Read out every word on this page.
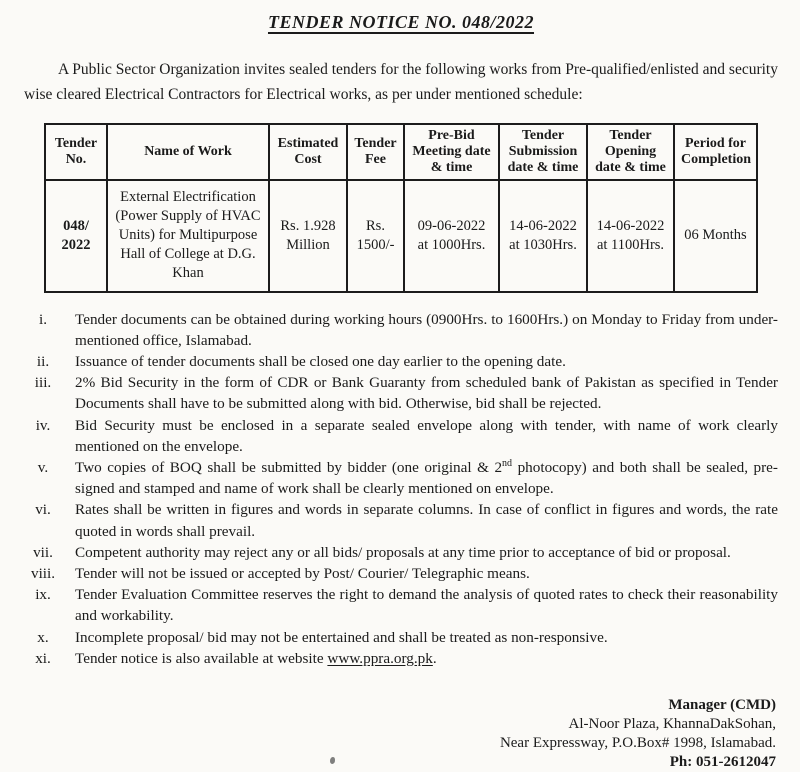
TENDER NOTICE NO. 048/2022

A Public Sector Organization invites sealed tenders for the following works from Pre-qualified/enlisted and security wise cleared Electrical Contractors for Electrical works, as per under mentioned schedule:

Tender No.	Name of Work	Estimated Cost	Tender Fee	Pre-Bid Meeting date & time	Tender Submission date & time	Tender Opening date & time	Period for Completion
048/ 2022	External Electrification (Power Supply of HVAC Units) for Multipurpose Hall of College at D.G. Khan	Rs. 1.928 Million	Rs. 1500/-	09-06-2022 at 1000Hrs.	14-06-2022 at 1030Hrs.	14-06-2022 at 1100Hrs.	06 Months
i.	Tender documents can be obtained during working hours (0900Hrs. to 1600Hrs.) on Monday to Friday from under- mentioned office, Islamabad.
ii.	Issuance of tender documents shall be closed one day earlier to the opening date.
iii.	2% Bid Security in the form of CDR or Bank Guaranty from scheduled bank of Pakistan as specified in Tender Documents shall have to be submitted along with bid. Otherwise, bid shall be rejected.
iv.	Bid Security must be enclosed in a separate sealed envelope along with tender, with name of work clearly mentioned on the envelope.
v.	Two copies of BOQ shall be submitted by bidder (one original & 2nd photocopy) and both shall be sealed, pre-signed and stamped and name of work shall be clearly mentioned on envelope.
vi.	Rates shall be written in figures and words in separate columns. In case of conflict in figures and words, the rate quoted in words shall prevail.
vii.	Competent authority may reject any or all bids/ proposals at any time prior to acceptance of bid or proposal.
viii.	Tender will not be issued or accepted by Post/ Courier/ Telegraphic means.
ix.	Tender Evaluation Committee reserves the right to demand the analysis of quoted rates to check their reasonability and workability.
x.	Incomplete proposal/ bid may not be entertained and shall be treated as non-responsive.
xi.	Tender notice is also available at website www.ppra.org.pk.
Manager (CMD)
Al-Noor Plaza, KhannaDakSohan,
Near Expressway, P.O.Box# 1998, Islamabad.
Ph: 051-2612047
